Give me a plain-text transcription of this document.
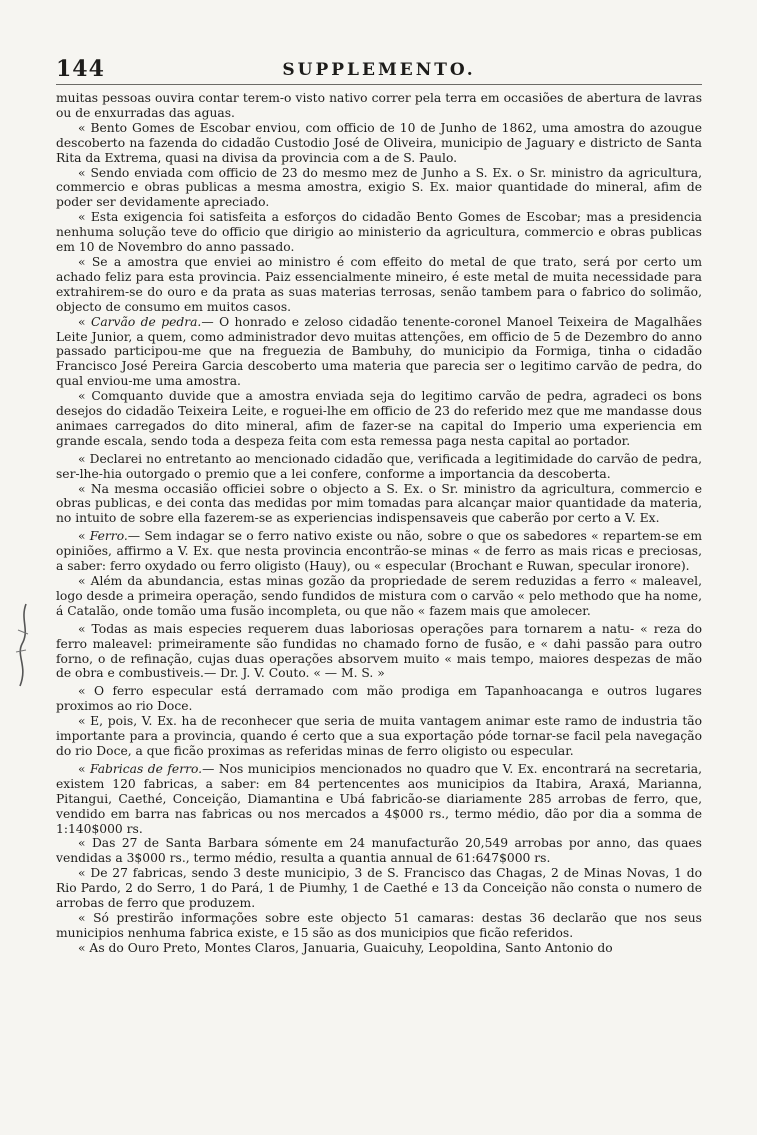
144	SUPPLEMENTO.

muitas pessoas ouvira contar terem-o visto nativo correr pela terra em occasiões de abertura de lavras ou de enxurradas das aguas.

« Bento Gomes de Escobar enviou, com officio de 10 de Junho de 1862, uma amostra do azougue descoberto na fazenda do cidadão Custodio José de Oliveira, municipio de Jaguary e districto de Santa Rita da Extrema, quasi na divisa da provincia com a de S. Paulo.

« Sendo enviada com officio de 23 do mesmo mez de Junho a S. Ex. o Sr. ministro da agricultura, commercio e obras publicas a mesma amostra, exigio S. Ex. maior quantidade do mineral, afim de poder ser devidamente apreciado.

« Esta exigencia foi satisfeita a esforços do cidadão Bento Gomes de Escobar; mas a presidencia nenhuma solução teve do officio que dirigio ao ministerio da agricultura, commercio e obras publicas em 10 de Novembro do anno passado.

« Se a amostra que enviei ao ministro é com effeito do metal de que trato, será por certo um achado feliz para esta provincia. Paiz essencialmente mineiro, é este metal de muita necessidade para extrahirem-se do ouro e da prata as suas materias terrosas, senão tambem para o fabrico do solimão, objecto de consumo em muitos casos.

« Carvão de pedra.— O honrado e zeloso cidadão tenente-coronel Manoel Teixeira de Magalhães Leite Junior, a quem, como administrador devo muitas attenções, em officio de 5 de Dezembro do anno passado participou-me que na freguezia de Bambuhy, do municipio da Formiga, tinha o cidadão Francisco José Pereira Garcia descoberto uma materia que parecia ser o legitimo carvão de pedra, do qual enviou-me uma amostra.

« Comquanto duvide que a amostra enviada seja do legitimo carvão de pedra, agradeci os bons desejos do cidadão Teixeira Leite, e roguei-lhe em officio de 23 do referido mez que me mandasse dous animaes carregados do dito mineral, afim de fazer-se na capital do Imperio uma experiencia em grande escala, sendo toda a despeza feita com esta remessa paga nesta capital ao portador.

« Declarei no entretanto ao mencionado cidadão que, verificada a legitimidade do carvão de pedra, ser-lhe-hia outorgado o premio que a lei confere, conforme a importancia da descoberta.

« Na mesma occasião officiei sobre o objecto a S. Ex. o Sr. ministro da agricultura, commercio e obras publicas, e dei conta das medidas por mim tomadas para alcançar maior quantidade da materia, no intuito de sobre ella fazerem-se as experiencias indispensaveis que caberão por certo a V. Ex.

« Ferro.— Sem indagar se o ferro nativo existe ou não, sobre o que os sabedores « repartem-se em opiniões, affirmo a V. Ex. que nesta provincia encontrão-se minas « de ferro as mais ricas e preciosas, a saber: ferro oxydado ou ferro oligisto (Hauy), ou « especular (Brochant e Ruwan, specular ironore).

« Além da abundancia, estas minas gozão da propriedade de serem reduzidas a ferro « maleavel, logo desde a primeira operação, sendo fundidos de mistura com o carvão « pelo methodo que ha nome, á Catalão, onde tomão uma fusão incompleta, ou que não « fazem mais que amolecer.

« Todas as mais especies requerem duas laboriosas operações para tornarem a natu- « reza do ferro maleavel: primeiramente são fundidas no chamado forno de fusão, e « dahi passão para outro forno, o de refinação, cujas duas operações absorvem muito « mais tempo, maiores despezas de mão de obra e combustiveis.— Dr. J. V. Couto. « — M. S. »

« O ferro especular está derramado com mão prodiga em Tapanhoacanga e outros lugares proximos ao rio Doce.

« E, pois, V. Ex. ha de reconhecer que seria de muita vantagem animar este ramo de industria tão importante para a provincia, quando é certo que a sua exportação póde tornar-se facil pela navegação do rio Doce, a que ficão proximas as referidas minas de ferro oligisto ou especular.

« Fabricas de ferro.— Nos municipios mencionados no quadro que V. Ex. encontrará na secretaria, existem 120 fabricas, a saber: em 84 pertencentes aos municipios da Itabira, Araxá, Marianna, Pitangui, Caethé, Conceição, Diamantina e Ubá fabricão-se diariamente 285 arrobas de ferro, que, vendido em barra nas fabricas ou nos mercados a 4$000 rs., termo médio, dão por dia a somma de 1:140$000 rs.

« Das 27 de Santa Barbara sómente em 24 manufacturão 20,549 arrobas por anno, das quaes vendidas a 3$000 rs., termo médio, resulta a quantia annual de 61:647$000 rs.

« De 27 fabricas, sendo 3 deste municipio, 3 de S. Francisco das Chagas, 2 de Minas Novas, 1 do Rio Pardo, 2 do Serro, 1 do Pará, 1 de Piumhy, 1 de Caethé e 13 da Conceição não consta o numero de arrobas de ferro que produzem.

« Só prestirão informações sobre este objecto 51 camaras: destas 36 declarão que nos seus municipios nenhuma fabrica existe, e 15 são as dos municipios que ficão referidos.

« As do Ouro Preto, Montes Claros, Januaria, Guaicuhy, Leopoldina, Santo Antonio do
